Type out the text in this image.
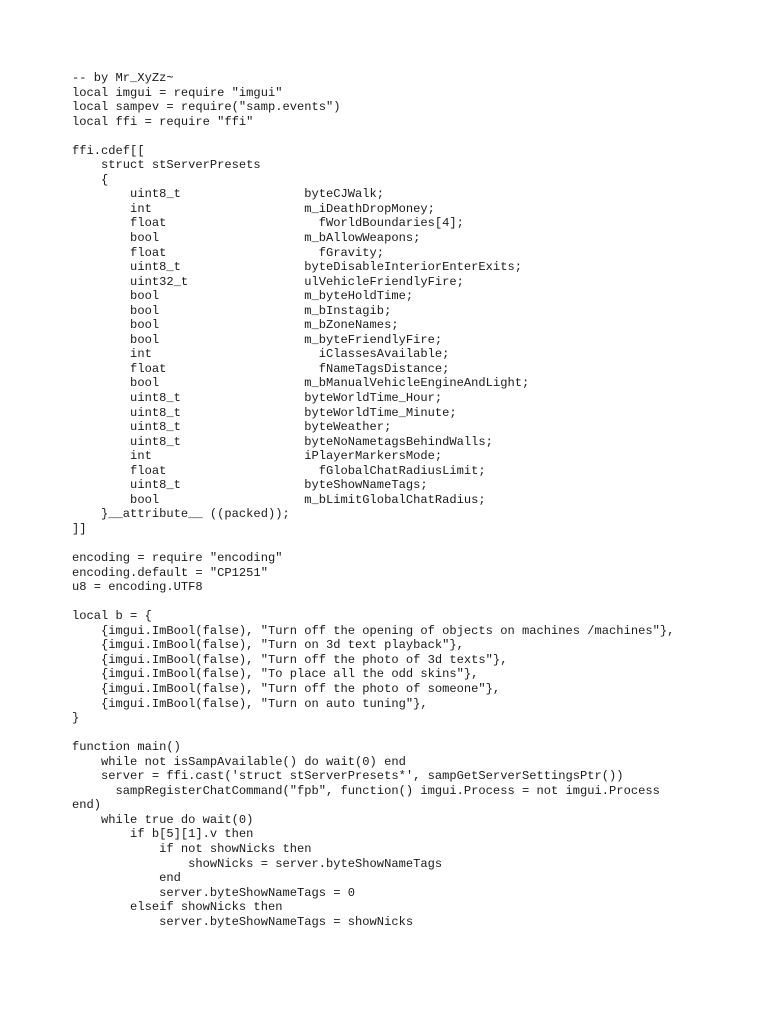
-- by Mr_XyZz~
local imgui = require "imgui"
local sampev = require("samp.events")
local ffi = require "ffi"
ffi.cdef[[
struct stServerPresets
{
uint8_t                 byteCJWalk;
int                     m_iDeathDropMoney;
float                     fWorldBoundaries[4];
bool                    m_bAllowWeapons;
float                     fGravity;
uint8_t                 byteDisableInteriorEnterExits;
uint32_t                ulVehicleFriendlyFire;
bool                    m_byteHoldTime;
bool                    m_bInstagib;
bool                    m_bZoneNames;
bool                    m_byteFriendlyFire;
int                       iClassesAvailable;
float                     fNameTagsDistance;
bool                    m_bManualVehicleEngineAndLight;
uint8_t                 byteWorldTime_Hour;
uint8_t                 byteWorldTime_Minute;
uint8_t                 byteWeather;
uint8_t                 byteNoNametagsBehindWalls;
int                     iPlayerMarkersMode;
float                     fGlobalChatRadiusLimit;
uint8_t                 byteShowNameTags;
bool                    m_bLimitGlobalChatRadius;
}__attribute__ ((packed));
]]
encoding = require "encoding"
encoding.default = "CP1251"
u8 = encoding.UTF8
local b = {
{imgui.ImBool(false), "Turn off the opening of objects on machines /machines"},
{imgui.ImBool(false), "Turn on 3d text playback"},
{imgui.ImBool(false), "Turn off the photo of 3d texts"},
{imgui.ImBool(false), "To place all the odd skins"},
{imgui.ImBool(false), "Turn off the photo of someone"},
{imgui.ImBool(false), "Turn on auto tuning"},
}
function main()
while not isSampAvailable() do wait(0) end
server = ffi.cast('struct stServerPresets*', sampGetServerSettingsPtr())
sampRegisterChatCommand("fpb", function() imgui.Process = not imgui.Process
end)
while true do wait(0)
if b[5][1].v then
if not showNicks then
showNicks = server.byteShowNameTags
end
server.byteShowNameTags = 0
elseif showNicks then
server.byteShowNameTags = showNicks
